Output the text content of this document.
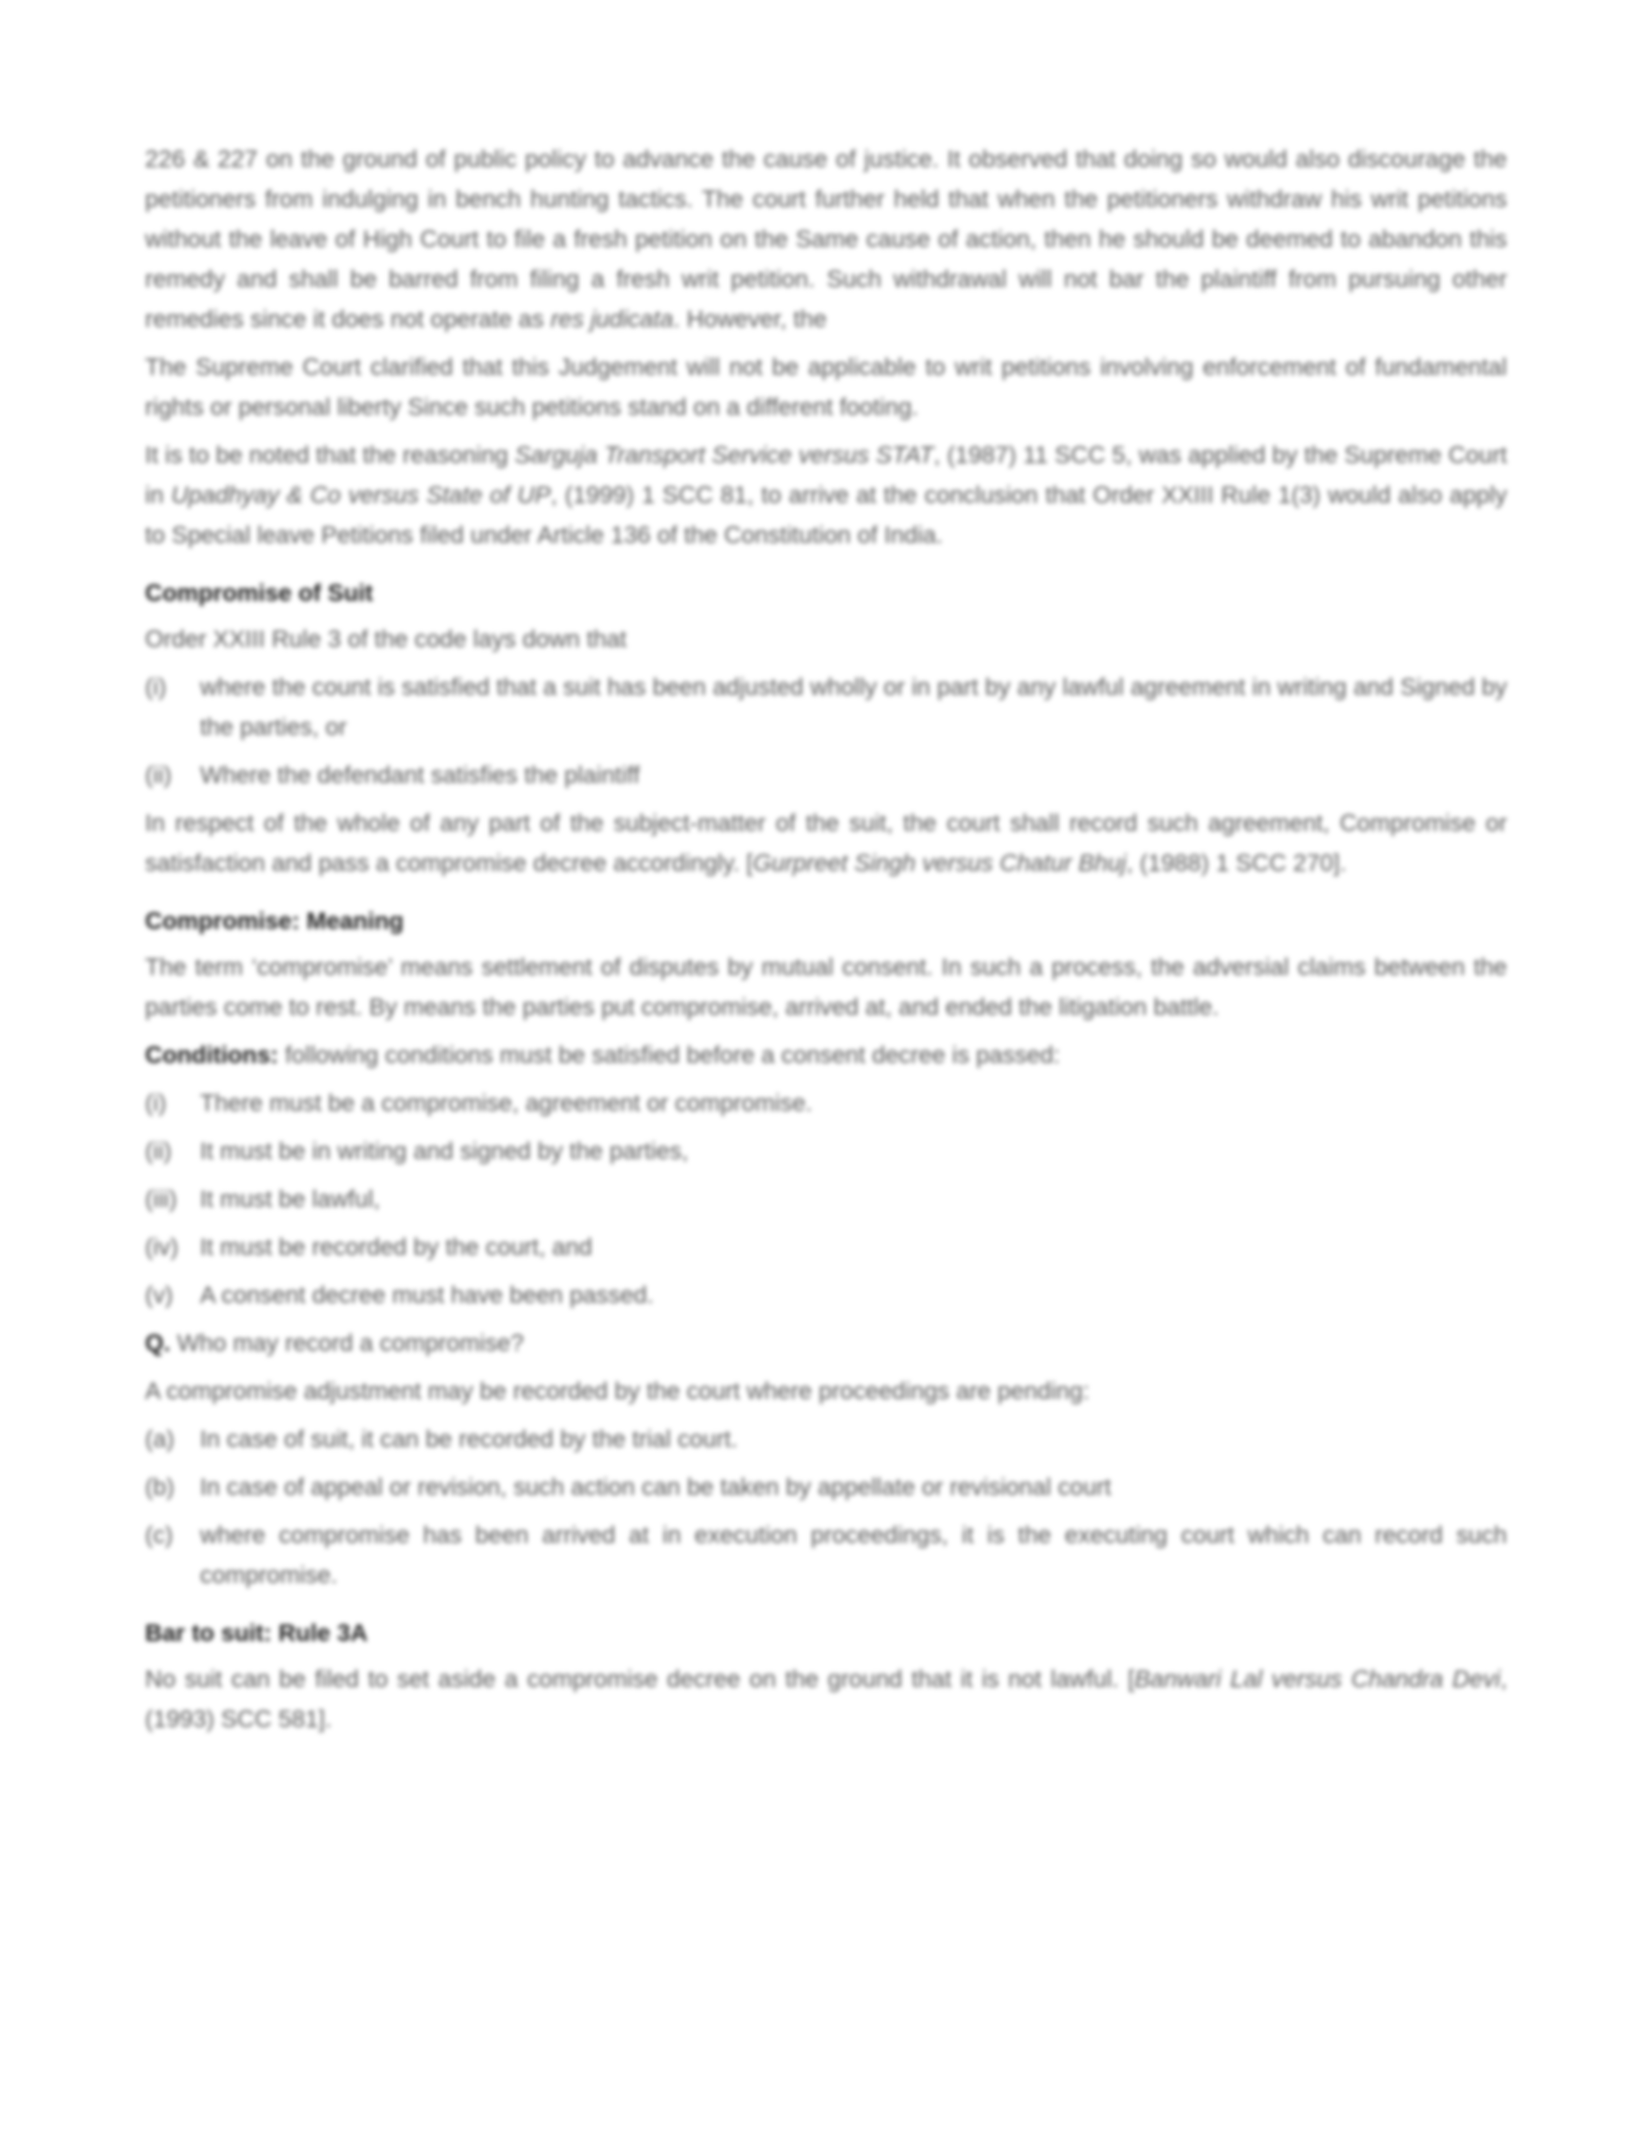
226 & 227 on the ground of public policy to advance the cause of justice. It observed that doing so would also discourage the petitioners from indulging in bench hunting tactics. The court further held that when the petitioners withdraw his writ petitions without the leave of High Court to file a fresh petition on the Same cause of action, then he should be deemed to abandon this remedy and shall be barred from filing a fresh writ petition. Such withdrawal will not bar the plaintiff from pursuing other remedies since it does not operate as res judicata. However, the

The Supreme Court clarified that this Judgement will not be applicable to writ petitions involving enforcement of fundamental rights or personal liberty Since such petitions stand on a different footing.

It is to be noted that the reasoning Sarguja Transport Service versus STAT, (1987) 11 SCC 5, was applied by the Supreme Court in Upadhyay & Co versus State of UP, (1999) 1 SCC 81, to arrive at the conclusion that Order XXIII Rule 1(3) would also apply to Special leave Petitions filed under Article 136 of the Constitution of India.

Compromise of Suit

Order XXIII Rule 3 of the code lays down that

(i)	where the count is satisfied that a suit has been adjusted wholly or in part by any lawful agreement in writing and Signed by the parties, or
(ii)	Where the defendant satisfies the plaintiff

In respect of the whole of any part of the subject-matter of the suit, the court shall record such agreement, Compromise or satisfaction and pass a compromise decree accordingly. [Gurpreet Singh versus Chatur Bhuj, (1988) 1 SCC 270].

Compromise: Meaning

The term ‘compromise’ means settlement of disputes by mutual consent. In such a process, the adversial claims between the parties come to rest. By means the parties put compromise, arrived at, and ended the litigation battle.

Conditions: following conditions must be satisfied before a consent decree is passed:

(i)	There must be a compromise, agreement or compromise.
(ii)	It must be in writing and signed by the parties,
(iii) It must be lawful,
(iv) It must be recorded by the court, and
(v)	A consent decree must have been passed.

Q. Who may record a compromise?

A compromise adjustment may be recorded by the court where proceedings are pending:

(a)	In case of suit, it can be recorded by the trial court.
(b)	In case of appeal or revision, such action can be taken by appellate or revisional court
(c)	where compromise has been arrived at in execution proceedings, it is the executing court which can record such compromise.
Bar to suit: Rule 3A

No suit can be filed to set aside a compromise decree on the ground that it is not lawful. [Banwari Lal versus Chandra Devi, (1993) SCC 581].
